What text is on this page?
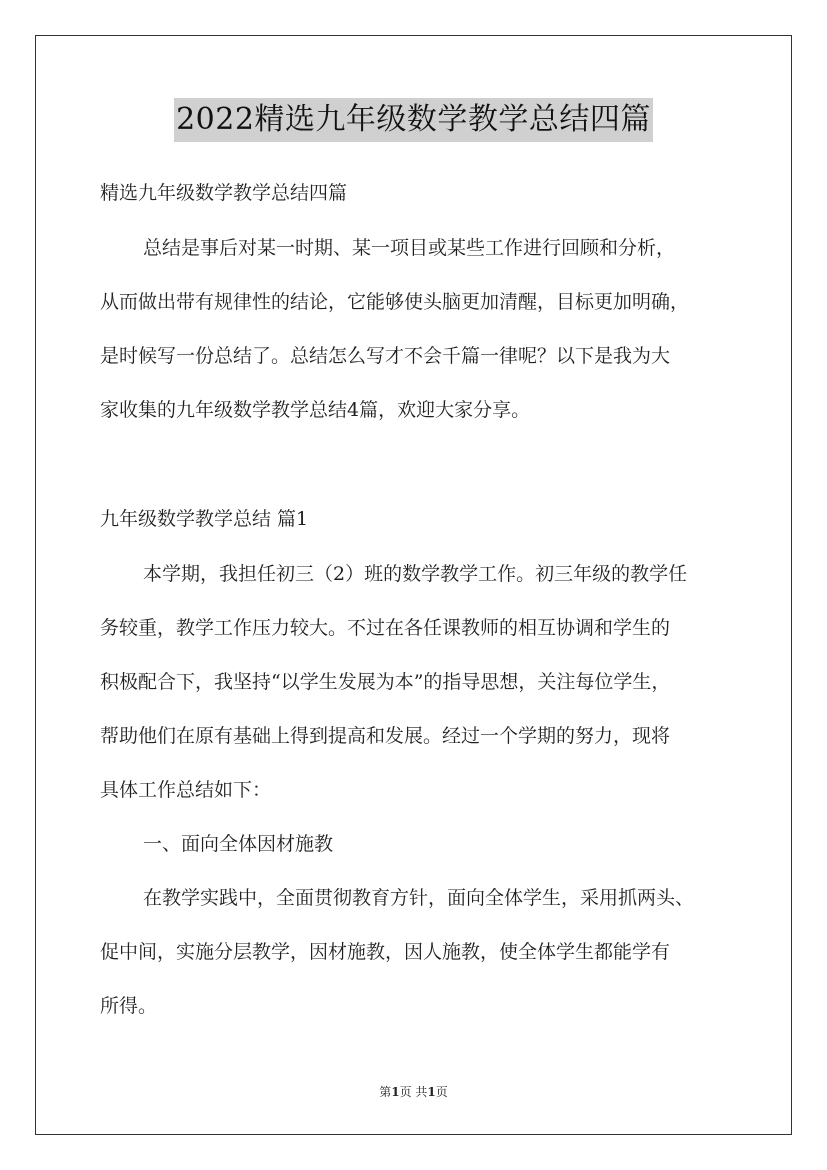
2022精选九年级数学教学总结四篇
精选九年级数学教学总结四篇
总结是事后对某一时期、某一项目或某些工作进行回顾和分析，
从而做出带有规律性的结论，它能够使头脑更加清醒，目标更加明确，
是时候写一份总结了。总结怎么写才不会千篇一律呢？以下是我为大
家收集的九年级数学教学总结4篇，欢迎大家分享。
九年级数学教学总结 篇1
本学期，我担任初三（2）班的数学教学工作。初三年级的教学任
务较重，教学工作压力较大。不过在各任课教师的相互协调和学生的
积极配合下，我坚持“以学生发展为本”的指导思想，关注每位学生，
帮助他们在原有基础上得到提高和发展。经过一个学期的努力，现将
具体工作总结如下：
一、面向全体因材施教
在教学实践中，全面贯彻教育方针，面向全体学生，采用抓两头、
促中间，实施分层教学，因材施教，因人施教，使全体学生都能学有
所得。
第1页 共1页
